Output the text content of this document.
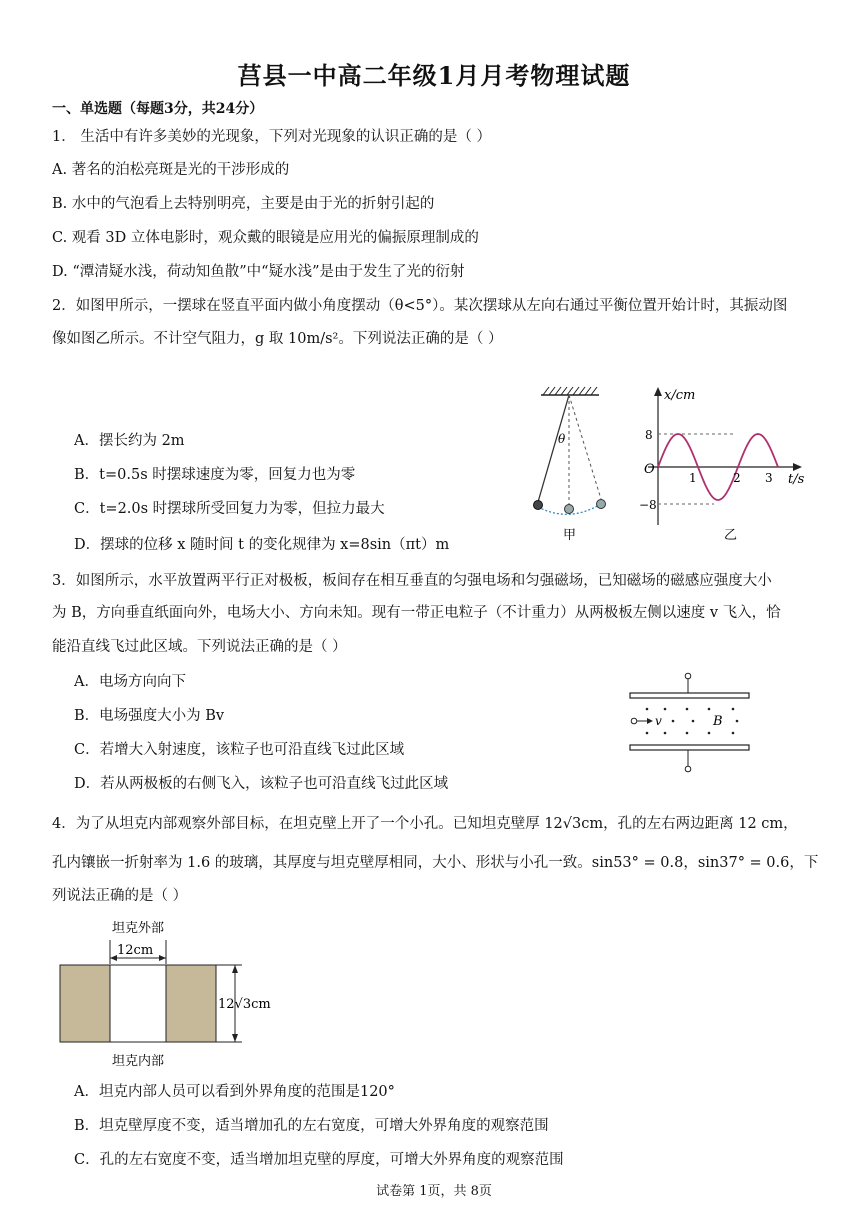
莒县一中高二年级1月月考物理试题
一、单选题（每题3分，共24分）
1． 生活中有许多美妙的光现象，下列对光现象的认识正确的是（ ）
A. 著名的泊松亮斑是光的干涉形成的
B. 水中的气泡看上去特别明亮，主要是由于光的折射引起的
C. 观看 3D 立体电影时，观众戴的眼镜是应用光的偏振原理制成的
D. “潭清疑水浅，荷动知鱼散”中“疑水浅”是由于发生了光的衍射
2．如图甲所示，一摆球在竖直平面内做小角度摆动（θ<5°）。某次摆球从左向右通过平衡位置开始计时，其振动图
像如图乙所示。不计空气阻力，g 取 10m/s²。下列说法正确的是（ ）
A．摆长约为 2m
B．t=0.5s 时摆球速度为零，回复力也为零
C．t=2.0s 时摆球所受回复力为零，但拉力最大
D．摆球的位移 x 随时间 t 的变化规律为 x=8sin（πt）m
θ
甲
x/cm
t/s
O
8
−8
1	2 3
乙
3．如图所示，水平放置两平行正对极板，板间存在相互垂直的匀强电场和匀强磁场，已知磁场的磁感应强度大小
为 B，方向垂直纸面向外，电场大小、方向未知。现有一带正电粒子（不计重力）从两极板左侧以速度 v 飞入，恰
能沿直线飞过此区域。下列说法正确的是（ ）
A．电场方向向下
B．电场强度大小为 Bv
C．若增大入射速度，该粒子也可沿直线飞过此区域
D．若从两极板的右侧飞入，该粒子也可沿直线飞过此区域
v	B
4．为了从坦克内部观察外部目标，在坦克壁上开了一个小孔。已知坦克壁厚 12√3cm，孔的左右两边距离 12 cm，
孔内镶嵌一折射率为 1.6 的玻璃，其厚度与坦克壁厚相同，大小、形状与小孔一致。sin53° = 0.8，sin37° = 0.6，下
列说法正确的是（ ）
坦克外部
12cm
12√3cm
坦克内部
A．坦克内部人员可以看到外界角度的范围是120°
B．坦克壁厚度不变，适当增加孔的左右宽度，可增大外界角度的观察范围
C．孔的左右宽度不变，适当增加坦克壁的厚度，可增大外界角度的观察范围
试卷第 1页，共 8页
